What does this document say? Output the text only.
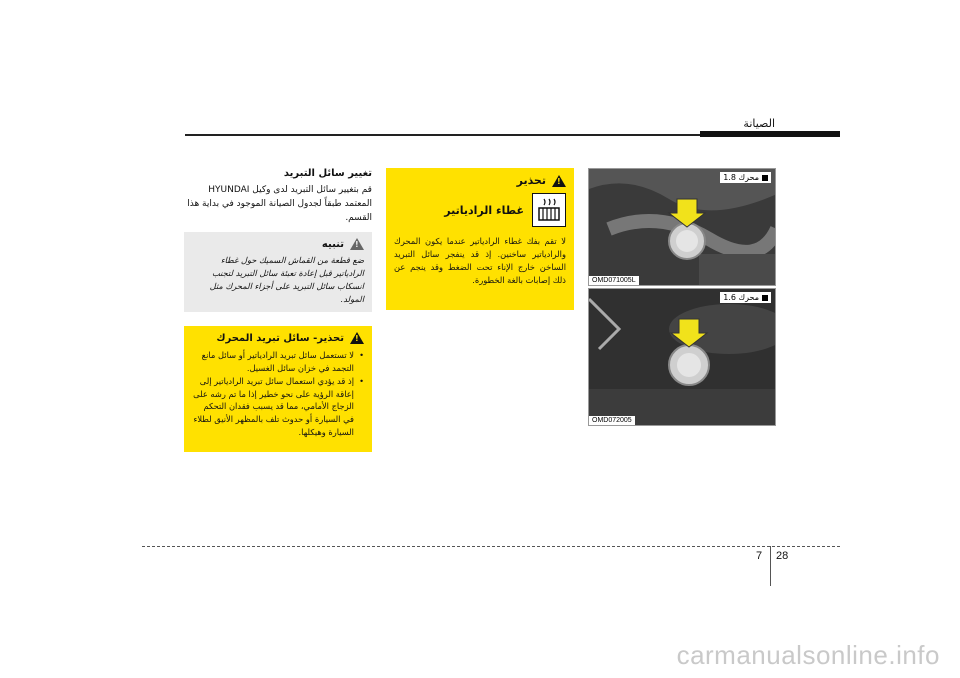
الصيانة
محرك 1.8
OMD071005L
محرك 1.6
OMD072005
!
تحذير
غطاء الرادياتير

لا تقم بفك غطاء الرادياتير عندما يكون المحرك والرادياتير ساخنين. إذ قد ينفجر سائل التبريد الساخن خارج الإناء تحت الضغط وقد ينجم عن ذلك إصابات بالغة الخطورة.

تغيير سائل التبريد
قم بتغيير سائل التبريد لدى وكيل HYUNDAI المعتمد طبقاً لجدول الصيانة الموجود في بداية هذا القسم.
!
تنبيه

ضع قطعة من القماش السميك حول غطاء الرادياتير قبل إعادة تعبئة سائل التبريد لتجنب انسكاب سائل التبريد على أجزاء المحرك مثل المولد.

!
تحذير- سائل تبريد المحرك
• لا تستعمل سائل تبريد الرادياتير أو سائل مانع التجمد في خزان سائل الغسيل.
• إذ قد يؤدي استعمال سائل تبريد الرادياتير إلى إعاقة الرؤية على نحو خطير إذا ما تم رشه على الزجاج الأمامي، مما قد يسبب فقدان التحكم في السيارة أو حدوث تلف بالمظهر الأنيق لطلاء السيارة وهيكلها.
7 28
carmanualsonline.info
